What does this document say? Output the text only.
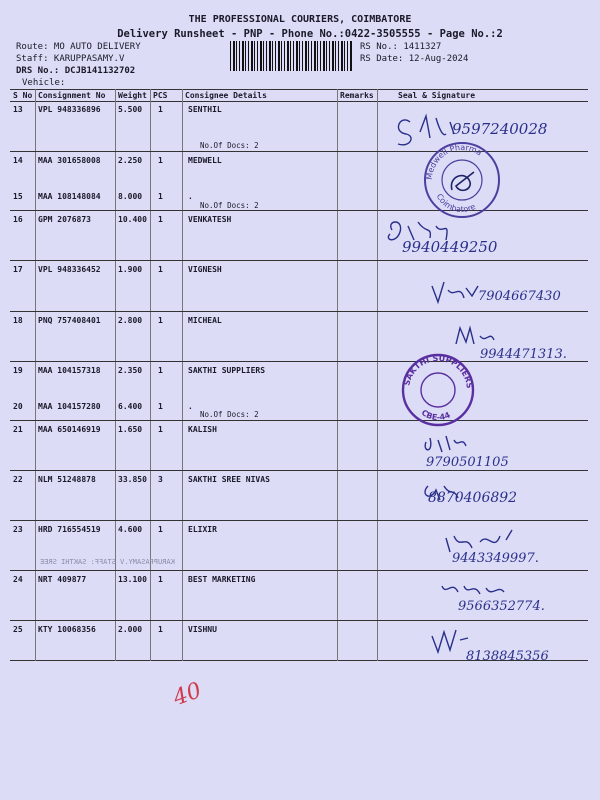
THE PROFESSIONAL COURIERS, COIMBATORE
Delivery Runsheet - PNP - Phone No.:0422-3505555 - Page No.:2
Route: MO AUTO DELIVERY
Staff: KARUPPASAMY.V
DRS No.: DCJB141132702
Vehicle:
RS No.: 1411327
RS Date: 12-Aug-2024
S No Consignment No Weight PCS Consignee Details	Remarks	Seal & Signature
13 VPL 948336896 5.500 1	SENTHIL
No.Of Docs: 2
14 MAA 301658008 2.250 1	MEDWELL
15 MAA 108148084 8.000 1	.
No.Of Docs: 2
16 GPM 2076873	10.400 1	VENKATESH
17 VPL 948336452 1.900 1	VIGNESH
18 PNQ 757408401 2.800 1	MICHEAL
19 MAA 104157318 2.350 1	SAKTHI SUPPLIERS
20 MAA 104157280 6.400 1	.
No.Of Docs: 2
21 MAA 650146919 1.650 1	KALISH
22 NLM 51248878	33.850 3	SAKTHI SREE NIVAS
23 HRD 716554519 4.600 1	ELIXIR
24 NRT 409877	13.100 1	BEST MARKETING
25 KTY 10068356	2.000 1	VISHNU
KARUPPASAMY.V STAFF: SAKTHI SREE
9597240028
9940449250
7904667430
9944471313.
9790501105
8870406892
9443349997.
9566352774.
8138845356
Medwell Pharma
Coimbatore
SAKTHI SUPPLIERS
CBE-44
40
